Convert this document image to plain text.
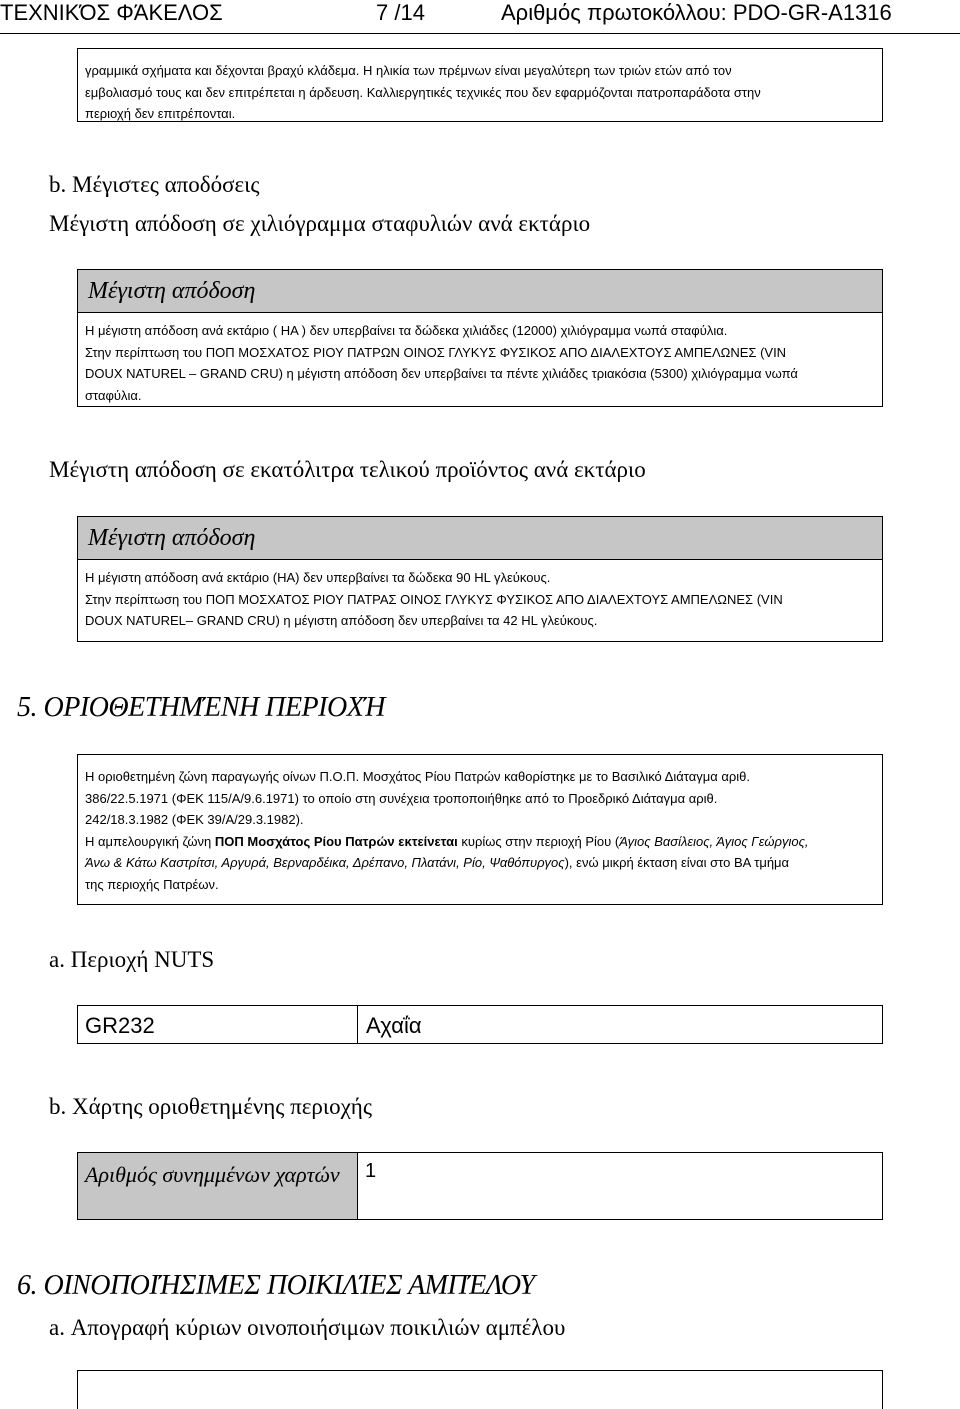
ΤΕΧΝΙΚΌΣ ΦΆΚΕΛΟΣ	7 /14	Αριθμός πρωτοκόλλου: PDO-GR-A1316

γραμμικά σχήματα και δέχονται βραχύ κλάδεμα. Η ηλικία των πρέμνων είναι μεγαλύτερη των τριών ετών από τον

εμβολιασμό τους και δεν επιτρέπεται η άρδευση. Καλλιεργητικές τεχνικές που δεν εφαρμόζονται πατροπαράδοτα στην

περιοχή δεν επιτρέπονται.

b. Μέγιστες αποδόσεις
Μέγιστη απόδοση σε χιλιόγραμμα σταφυλιών ανά εκτάριο
Μέγιστη απόδοση

Η μέγιστη απόδοση ανά εκτάριο ( HA ) δεν υπερβαίνει τα δώδεκα χιλιάδες (12000) χιλιόγραμμα νωπά σταφύλια.

Στην περίπτωση του ΠΟΠ ΜΟΣΧΑΤΟΣ ΡΙΟΥ ΠΑΤΡΩΝ ΟΙΝΟΣ ΓΛΥΚΥΣ ΦΥΣΙΚΟΣ ΑΠΟ ΔΙΑΛΕΧΤΟΥΣ ΑΜΠΕΛΩΝΕΣ (VIN

DOUX NATUREL – GRAND CRU) η μέγιστη απόδοση δεν υπερβαίνει τα πέντε χιλιάδες τριακόσια (5300) χιλιόγραμμα νωπά

σταφύλια.

Μέγιστη απόδοση σε εκατόλιτρα τελικού προϊόντος ανά εκτάριο
Μέγιστη απόδοση

Η μέγιστη απόδοση ανά εκτάριο (HA) δεν υπερβαίνει τα δώδεκα 90 HL γλεύκους.

Στην περίπτωση του ΠΟΠ ΜΟΣΧΑΤΟΣ ΡΙΟΥ ΠΑΤΡΑΣ ΟΙΝΟΣ ΓΛΥΚΥΣ ΦΥΣΙΚΟΣ ΑΠΟ ΔΙΑΛΕΧΤΟΥΣ ΑΜΠΕΛΩΝΕΣ (VIN

DOUX NATUREL– GRAND CRU) η μέγιστη απόδοση δεν υπερβαίνει τα 42 HL γλεύκους.

5. ΟΡΙΟΘΕΤΗΜΈΝΗ ΠΕΡΙΟΧΉ

Η οριοθετημένη ζώνη παραγωγής οίνων Π.Ο.Π. Μοσχάτος Ρίου Πατρών καθορίστηκε με το Βασιλικό Διάταγμα αριθ.

386/22.5.1971 (ΦΕΚ 115/Α/9.6.1971) το οποίο στη συνέχεια τροποποιήθηκε από το Προεδρικό Διάταγμα αριθ.

242/18.3.1982 (ΦΕΚ 39/Α/29.3.1982).

Η αμπελουργική ζώνη ΠΟΠ Μοσχάτος Ρίου Πατρών εκτείνεται κυρίως στην περιοχή Ρίου (Άγιος Βασίλειος, Άγιος Γεώργιος,

Άνω & Κάτω Καστρίτσι, Αργυρά, Βερναρδέικα, Δρέπανο, Πλατάνι, Ρίο, Ψαθόπυργος), ενώ μικρή έκταση είναι στο ΒΑ τμήμα

της περιοχής Πατρέων.

a. Περιοχή NUTS
GR232	Αχαΐα
b. Χάρτης οριοθετημένης περιοχής
Αριθμός συνημμένων χαρτών	1
6. ΟΙΝΟΠΟΙΉΣΙΜΕΣ ΠΟΙΚΙΛΊΕΣ ΑΜΠΈΛΟΥ
a. Απογραφή κύριων οινοποιήσιμων ποικιλιών αμπέλου
